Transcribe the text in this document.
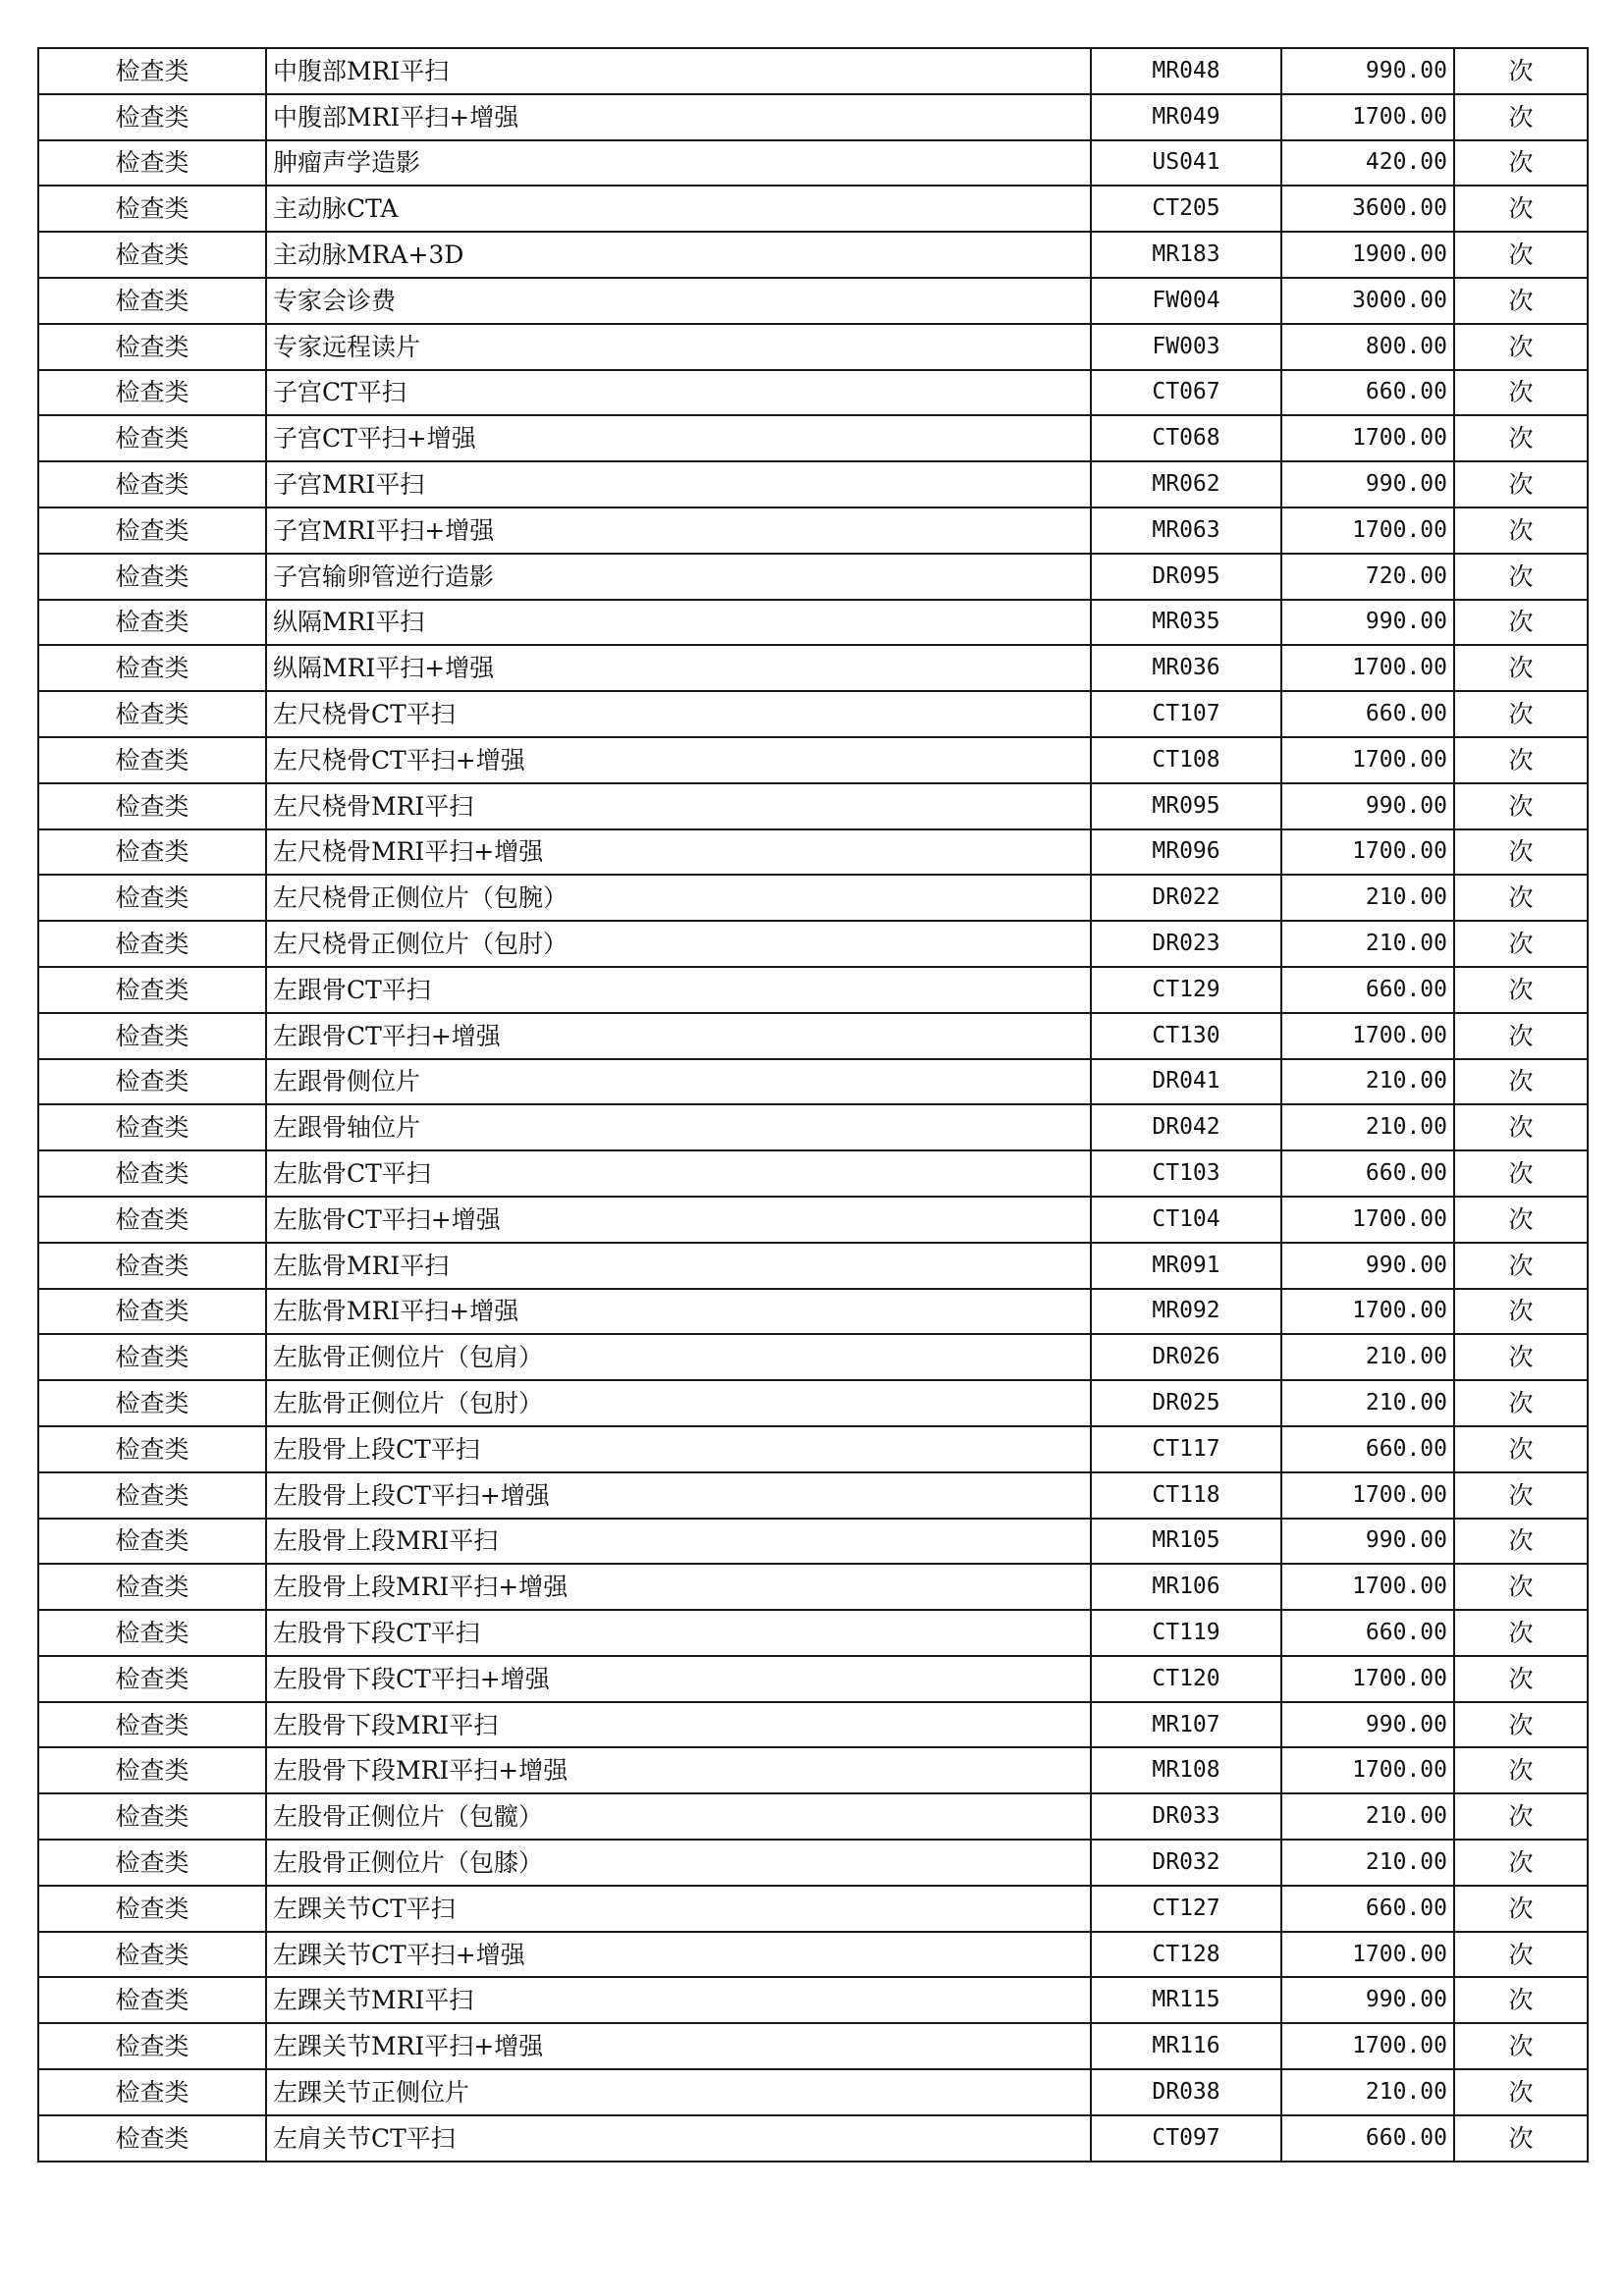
检查类	中腹部MRI平扫	MR048	990.00	次
检查类	中腹部MRI平扫+增强	MR049	1700.00	次
检查类	肿瘤声学造影	US041	420.00	次
检查类	主动脉CTA	CT205	3600.00	次
检查类	主动脉MRA+3D	MR183	1900.00	次
检查类	专家会诊费	FW004	3000.00	次
检查类	专家远程读片	FW003	800.00	次
检查类	子宫CT平扫	CT067	660.00	次
检查类	子宫CT平扫+增强	CT068	1700.00	次
检查类	子宫MRI平扫	MR062	990.00	次
检查类	子宫MRI平扫+增强	MR063	1700.00	次
检查类	子宫输卵管逆行造影	DR095	720.00	次
检查类	纵隔MRI平扫	MR035	990.00	次
检查类	纵隔MRI平扫+增强	MR036	1700.00	次
检查类	左尺桡骨CT平扫	CT107	660.00	次
检查类	左尺桡骨CT平扫+增强	CT108	1700.00	次
检查类	左尺桡骨MRI平扫	MR095	990.00	次
检查类	左尺桡骨MRI平扫+增强	MR096	1700.00	次
检查类	左尺桡骨正侧位片（包腕）	DR022	210.00	次
检查类	左尺桡骨正侧位片（包肘）	DR023	210.00	次
检查类	左跟骨CT平扫	CT129	660.00	次
检查类	左跟骨CT平扫+增强	CT130	1700.00	次
检查类	左跟骨侧位片	DR041	210.00	次
检查类	左跟骨轴位片	DR042	210.00	次
检查类	左肱骨CT平扫	CT103	660.00	次
检查类	左肱骨CT平扫+增强	CT104	1700.00	次
检查类	左肱骨MRI平扫	MR091	990.00	次
检查类	左肱骨MRI平扫+增强	MR092	1700.00	次
检查类	左肱骨正侧位片（包肩）	DR026	210.00	次
检查类	左肱骨正侧位片（包肘）	DR025	210.00	次
检查类	左股骨上段CT平扫	CT117	660.00	次
检查类	左股骨上段CT平扫+增强	CT118	1700.00	次
检查类	左股骨上段MRI平扫	MR105	990.00	次
检查类	左股骨上段MRI平扫+增强	MR106	1700.00	次
检查类	左股骨下段CT平扫	CT119	660.00	次
检查类	左股骨下段CT平扫+增强	CT120	1700.00	次
检查类	左股骨下段MRI平扫	MR107	990.00	次
检查类	左股骨下段MRI平扫+增强	MR108	1700.00	次
检查类	左股骨正侧位片（包髋）	DR033	210.00	次
检查类	左股骨正侧位片（包膝）	DR032	210.00	次
检查类	左踝关节CT平扫	CT127	660.00	次
检查类	左踝关节CT平扫+增强	CT128	1700.00	次
检查类	左踝关节MRI平扫	MR115	990.00	次
检查类	左踝关节MRI平扫+增强	MR116	1700.00	次
检查类	左踝关节正侧位片	DR038	210.00	次
检查类	左肩关节CT平扫	CT097	660.00	次
